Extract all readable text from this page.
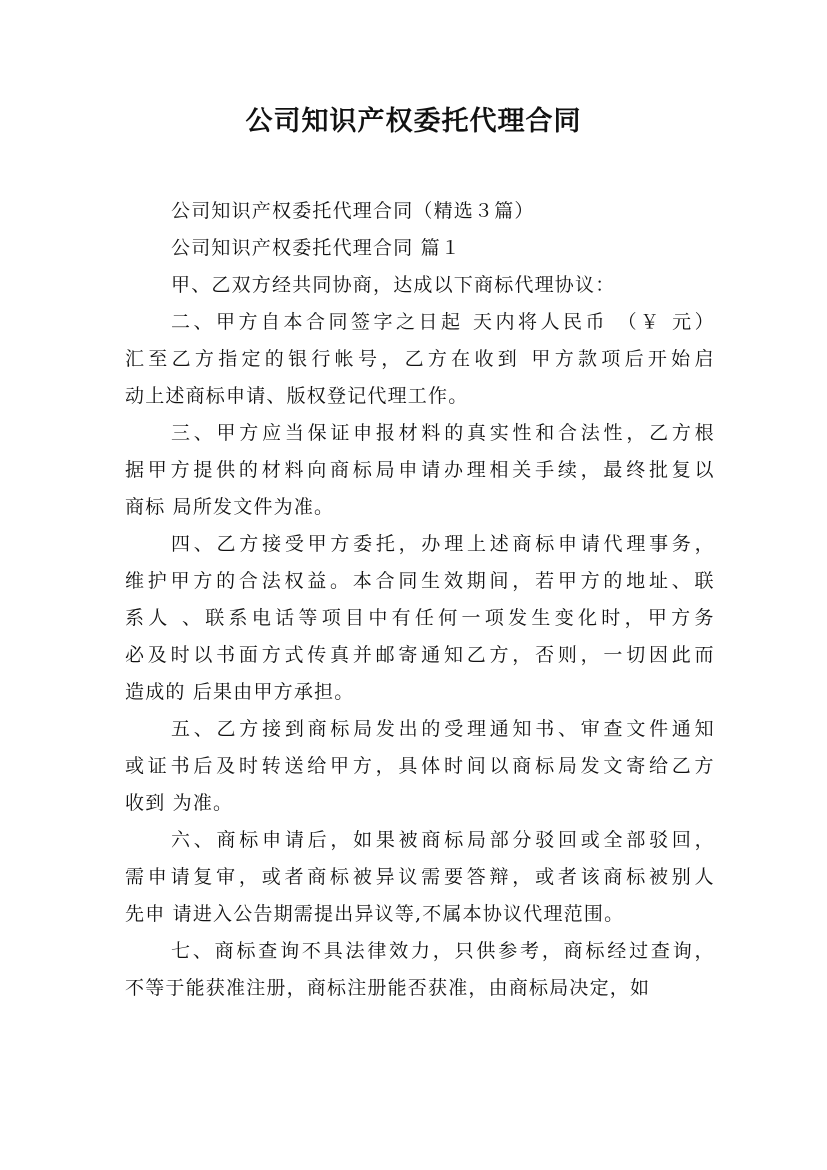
公司知识产权委托代理合同
公司知识产权委托代理合同（精选３篇）
公司知识产权委托代理合同 篇１
甲、乙双方经共同协商，达成以下商标代理协议：
二 、 甲 方 自 本 合 同 签 字 之 日 起
天 内 将 人 民 币
（ ￥
元 ）
汇 至 乙 方 指 定 的 银 行 帐 号 ， 乙 方 在 收 到
甲 方 款 项 后 开 始 启
动上述商标申请、版权登记代理工作。
三 、 甲 方 应 当 保 证 申 报 材 料 的 真 实 性 和 合 法 性 ， 乙 方 根
据 甲 方 提 供 的 材 料 向 商 标 局 申 请 办 理 相 关 手 续 ， 最 终 批 复 以
商标 局所发文件为准。
四 、 乙 方 接 受 甲 方 委 托 ， 办 理 上 述 商 标 申 请 代 理 事 务 ，
维 护 甲 方 的 合 法 权 益 。 本 合 同 生 效 期 间 ， 若 甲 方 的 地 址 、 联
系 人
、 联 系 电 话 等 项 目 中 有 任 何 一 项 发 生 变 化 时 ， 甲 方 务
必 及 时 以 书 面 方 式 传 真 并 邮 寄 通 知 乙 方 ， 否 则 ， 一 切 因 此 而
造成的 后果由甲方承担。
五 、 乙 方 接 到 商 标 局 发 出 的 受 理 通 知 书 、 审 查 文 件 通 知
或 证 书 后 及 时 转 送 给 甲 方 ， 具 体 时 间 以 商 标 局 发 文 寄 给 乙 方
收到 为准。
六 、 商 标 申 请 后 ， 如 果 被 商 标 局 部 分 驳 回 或 全 部 驳 回 ，
需 申 请 复 审 ， 或 者 商 标 被 异 议 需 要 答 辩 ， 或 者 该 商 标 被 别 人
先申 请进入公告期需提出异议等,不属本协议代理范围。
七 、 商 标 查 询 不 具 法 律 效 力 ， 只 供 参 考 ， 商 标 经 过 查 询 ，
不等于能获准注册，商标注册能否获准，由商标局决定，如
